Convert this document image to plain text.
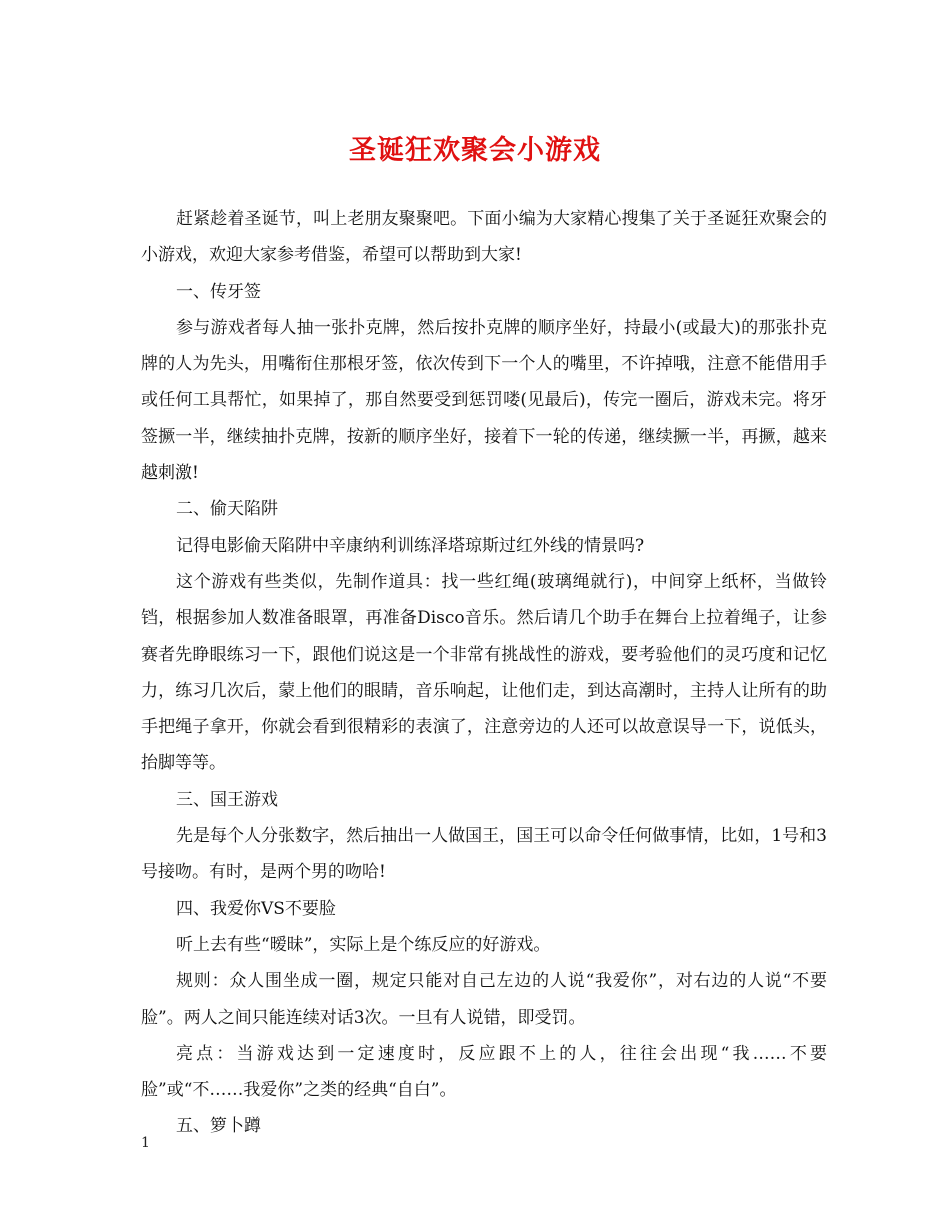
圣诞狂欢聚会小游戏

赶紧趁着圣诞节，叫上老朋友聚聚吧。下面小编为大家精心搜集了关于圣诞狂欢聚会的小游戏，欢迎大家参考借鉴，希望可以帮助到大家!

一、传牙签

参与游戏者每人抽一张扑克牌，然后按扑克牌的顺序坐好，持最小(或最大)的那张扑克牌的人为先头，用嘴衔住那根牙签，依次传到下一个人的嘴里，不许掉哦，注意不能借用手或任何工具帮忙，如果掉了，那自然要受到惩罚喽(见最后)，传完一圈后，游戏未完。将牙签撅一半，继续抽扑克牌，按新的顺序坐好，接着下一轮的传递，继续撅一半，再撅，越来越刺激!

二、偷天陷阱

记得电影偷天陷阱中辛康纳利训练泽塔琼斯过红外线的情景吗?

这个游戏有些类似，先制作道具：找一些红绳(玻璃绳就行)，中间穿上纸杯，当做铃铛，根据参加人数准备眼罩，再准备Disco音乐。然后请几个助手在舞台上拉着绳子，让参赛者先睁眼练习一下，跟他们说这是一个非常有挑战性的游戏，要考验他们的灵巧度和记忆力，练习几次后，蒙上他们的眼睛，音乐响起，让他们走，到达高潮时，主持人让所有的助手把绳子拿开，你就会看到很精彩的表演了，注意旁边的人还可以故意误导一下，说低头，抬脚等等。

三、国王游戏

先是每个人分张数字，然后抽出一人做国王，国王可以命令任何做事情，比如，1号和3号接吻。有时，是两个男的吻哈!

四、我爱你VS不要脸

听上去有些“暧昧”，实际上是个练反应的好游戏。

规则：众人围坐成一圈，规定只能对自己左边的人说“我爱你”，对右边的人说“不要脸”。两人之间只能连续对话3次。一旦有人说错，即受罚。

亮点：当游戏达到一定速度时，反应跟不上的人，往往会出现“我……不要脸”或“不……我爱你”之类的经典“自白”。

五、箩卜蹲

1
